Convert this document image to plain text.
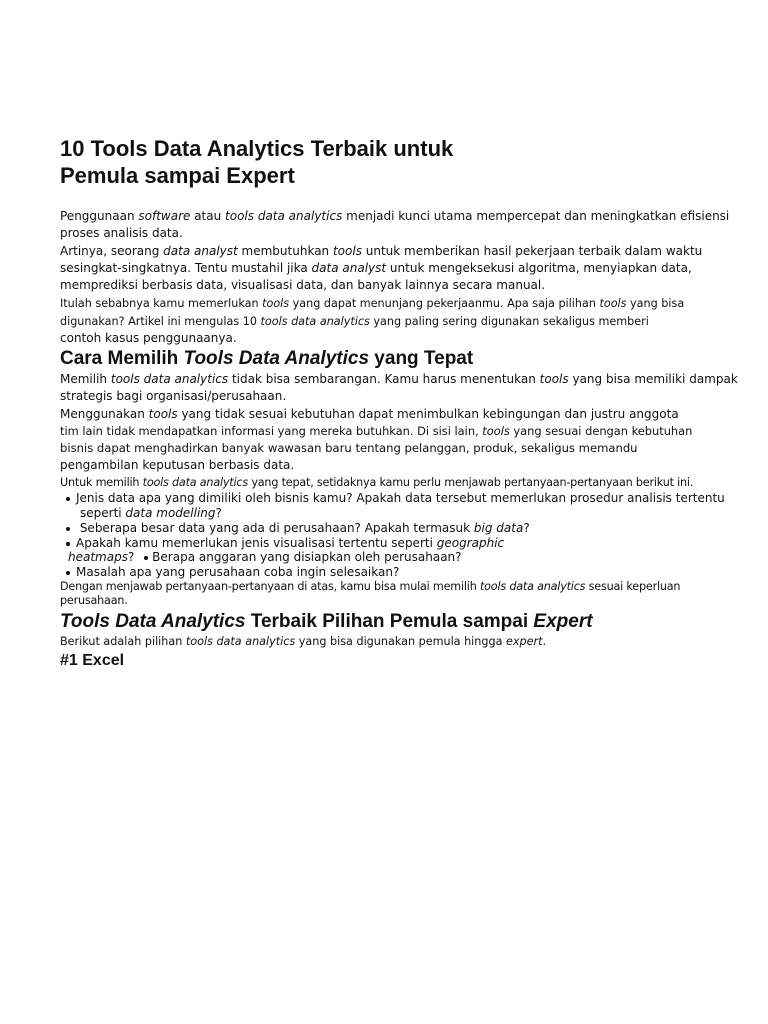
10 Tools Data Analytics Terbaik untuk
Pemula sampai Expert

Penggunaan software atau tools data analytics menjadi kunci utama mempercepat dan meningkatkan efisiensi
proses analisis data.

Artinya, seorang data analyst membutuhkan tools untuk memberikan hasil pekerjaan terbaik dalam waktu
sesingkat-singkatnya. Tentu mustahil jika data analyst untuk mengeksekusi algoritma, menyiapkan data,
memprediksi berbasis data, visualisasi data, dan banyak lainnya secara manual.

Itulah sebabnya kamu memerlukan tools yang dapat menunjang pekerjaanmu. Apa saja pilihan tools yang bisa
digunakan? Artikel ini mengulas 10 tools data analytics yang paling sering digunakan sekaligus memberi
contoh kasus penggunaanya.

Cara Memilih Tools Data Analytics yang Tepat

Memilih tools data analytics tidak bisa sembarangan. Kamu harus menentukan tools yang bisa memiliki dampak
strategis bagi organisasi/perusahaan.

Menggunakan tools yang tidak sesuai kebutuhan dapat menimbulkan kebingungan dan justru anggota
tim lain tidak mendapatkan informasi yang mereka butuhkan. Di sisi lain, tools yang sesuai dengan kebutuhan
bisnis dapat menghadirkan banyak wawasan baru tentang pelanggan, produk, sekaligus memandu
pengambilan keputusan berbasis data.

Untuk memilih tools data analytics yang tepat, setidaknya kamu perlu menjawab pertanyaan-pertanyaan berikut ini.

Jenis data apa yang dimiliki oleh bisnis kamu? Apakah data tersebut memerlukan prosedur analisis tertentu
seperti data modelling?
Seberapa besar data yang ada di perusahaan? Apakah termasuk big data?
Apakah kamu memerlukan jenis visualisasi tertentu seperti geographic
heatmaps? Berapa anggaran yang disiapkan oleh perusahaan?
Masalah apa yang perusahaan coba ingin selesaikan?

Dengan menjawab pertanyaan-pertanyaan di atas, kamu bisa mulai memilih tools data analytics sesuai keperluan
perusahaan.

Tools Data Analytics Terbaik Pilihan Pemula sampai Expert

Berikut adalah pilihan tools data analytics yang bisa digunakan pemula hingga expert.

#1 Excel
